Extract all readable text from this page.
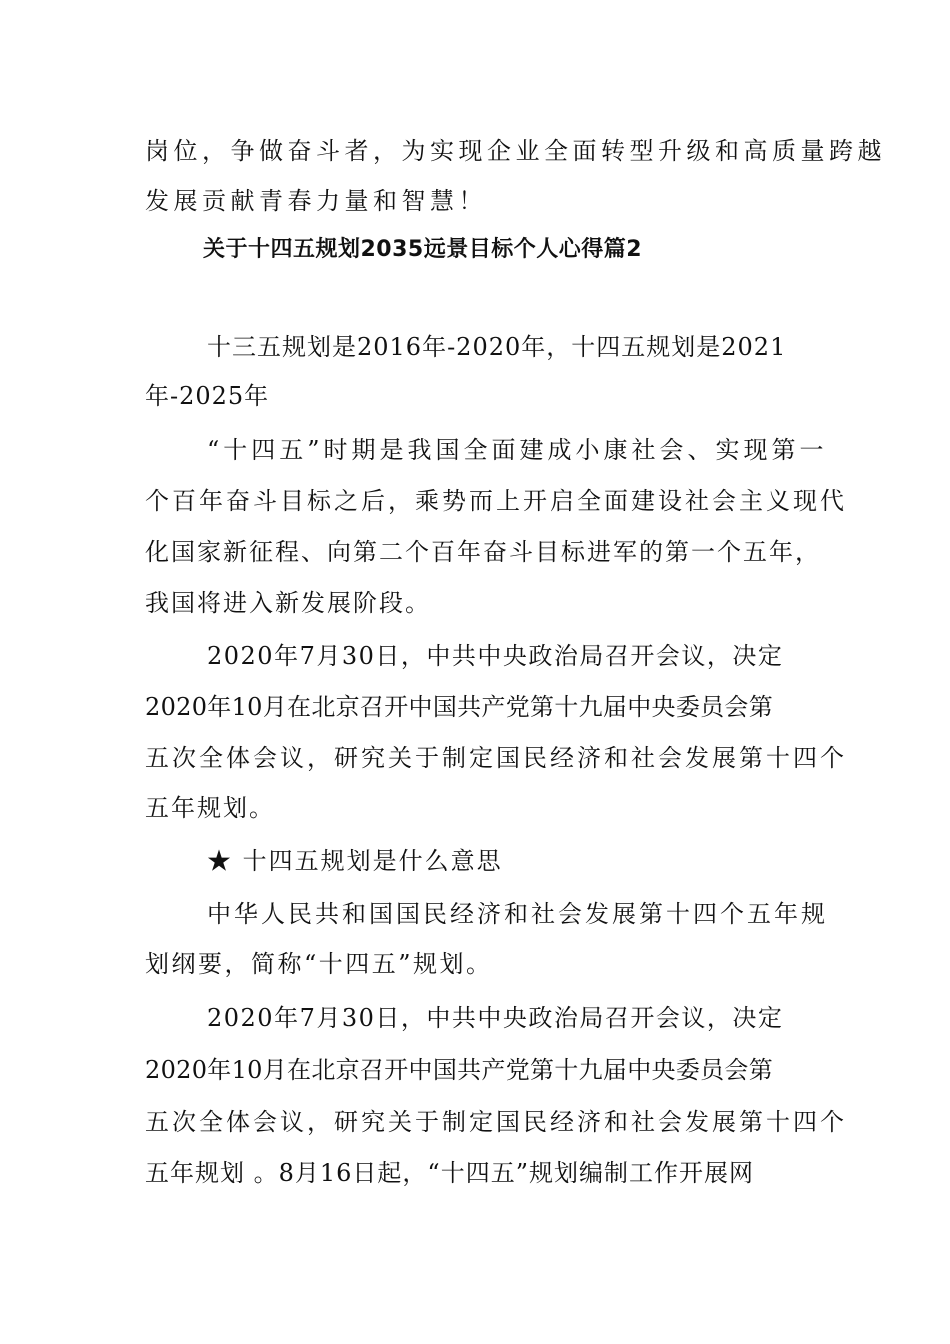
岗位，争做奋斗者，为实现企业全面转型升级和高质量跨越

发展贡献青春力量和智慧！

关于十四五规划2035远景目标个人心得篇2

十三五规划是2016年-2020年，十四五规划是2021

年-2025年

“十四五”时期是我国全面建成小康社会、实现第一

个百年奋斗目标之后，乘势而上开启全面建设社会主义现代

化国家新征程、向第二个百年奋斗目标进军的第一个五年，

我国将进入新发展阶段。

2020年7月30日，中共中央政治局召开会议，决定

2020年10月在北京召开中国共产党第十九届中央委员会第

五次全体会议，研究关于制定国民经济和社会发展第十四个

五年规划。

★ 十四五规划是什么意思

中华人民共和国国民经济和社会发展第十四个五年规

划纲要，简称“十四五”规划。

2020年7月30日，中共中央政治局召开会议，决定

2020年10月在北京召开中国共产党第十九届中央委员会第

五次全体会议，研究关于制定国民经济和社会发展第十四个

五年规划 。8月16日起，“十四五”规划编制工作开展网
